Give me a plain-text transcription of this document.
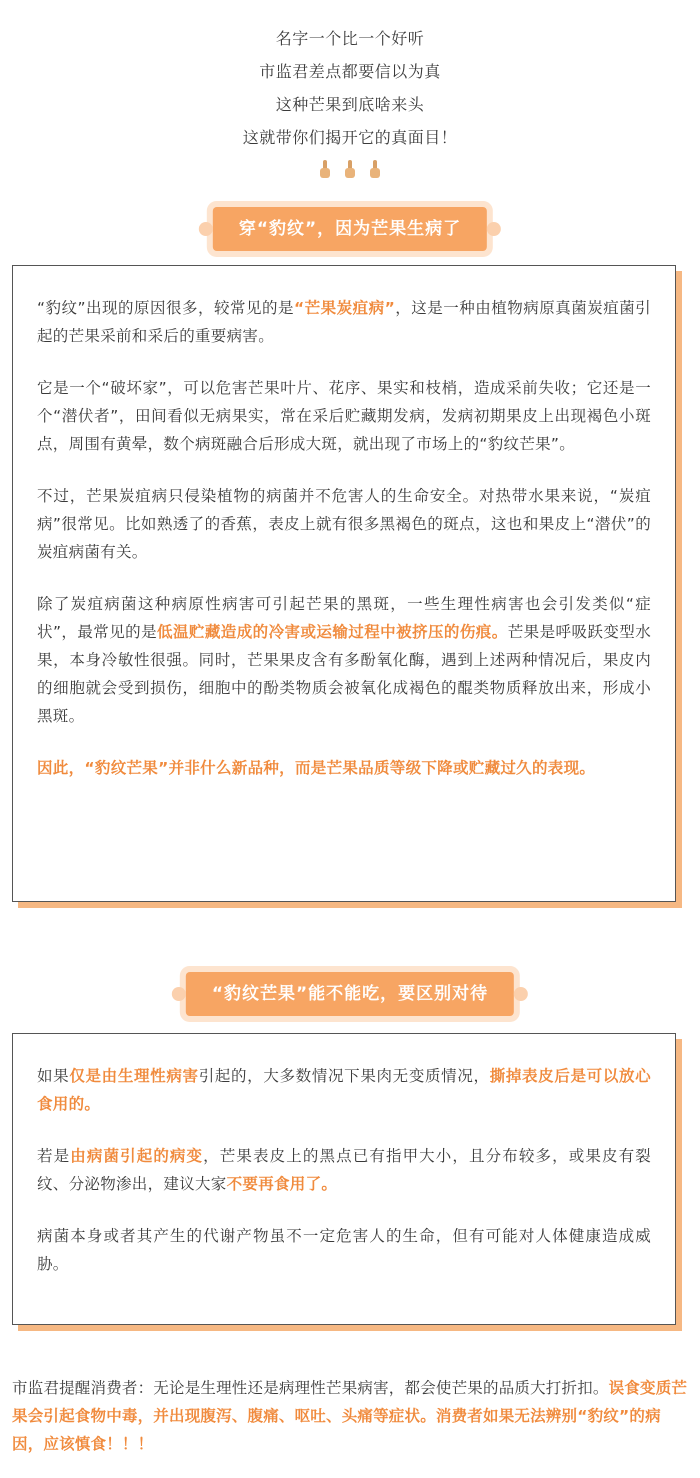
名字一个比一个好听
市监君差点都要信以为真
这种芒果到底啥来头
这就带你们揭开它的真面目！

穿“豹纹”，因为芒果生病了

“豹纹”出现的原因很多，较常见的是“芒果炭疽病”，这是一种由植物病原真菌炭疽菌引起的芒果采前和采后的重要病害。

它是一个“破坏家”，可以危害芒果叶片、花序、果实和枝梢，造成采前失收；它还是一个“潜伏者”，田间看似无病果实，常在采后贮藏期发病，发病初期果皮上出现褐色小斑点，周围有黄晕，数个病斑融合后形成大斑，就出现了市场上的“豹纹芒果”。

不过，芒果炭疽病只侵染植物的病菌并不危害人的生命安全。对热带水果来说，“炭疽病”很常见。比如熟透了的香蕉，表皮上就有很多黑褐色的斑点，这也和果皮上“潜伏”的炭疽病菌有关。

除了炭疽病菌这种病原性病害可引起芒果的黑斑，一些生理性病害也会引发类似“症状”，最常见的是低温贮藏造成的冷害或运输过程中被挤压的伤痕。芒果是呼吸跃变型水果，本身冷敏性很强。同时，芒果果皮含有多酚氧化酶，遇到上述两种情况后，果皮内的细胞就会受到损伤，细胞中的酚类物质会被氧化成褐色的醌类物质释放出来，形成小黑斑。

因此，“豹纹芒果”并非什么新品种，而是芒果品质等级下降或贮藏过久的表现。

“豹纹芒果”能不能吃，要区别对待

如果仅是由生理性病害引起的，大多数情况下果肉无变质情况，撕掉表皮后是可以放心食用的。

若是由病菌引起的病变，芒果表皮上的黑点已有指甲大小，且分布较多，或果皮有裂纹、分泌物渗出，建议大家不要再食用了。

病菌本身或者其产生的代谢产物虽不一定危害人的生命，但有可能对人体健康造成威胁。

市监君提醒消费者：无论是生理性还是病理性芒果病害，都会使芒果的品质大打折扣。误食变质芒果会引起食物中毒，并出现腹泻、腹痛、呕吐、头痛等症状。消费者如果无法辨别“豹纹”的病因，应该慎食！！！
